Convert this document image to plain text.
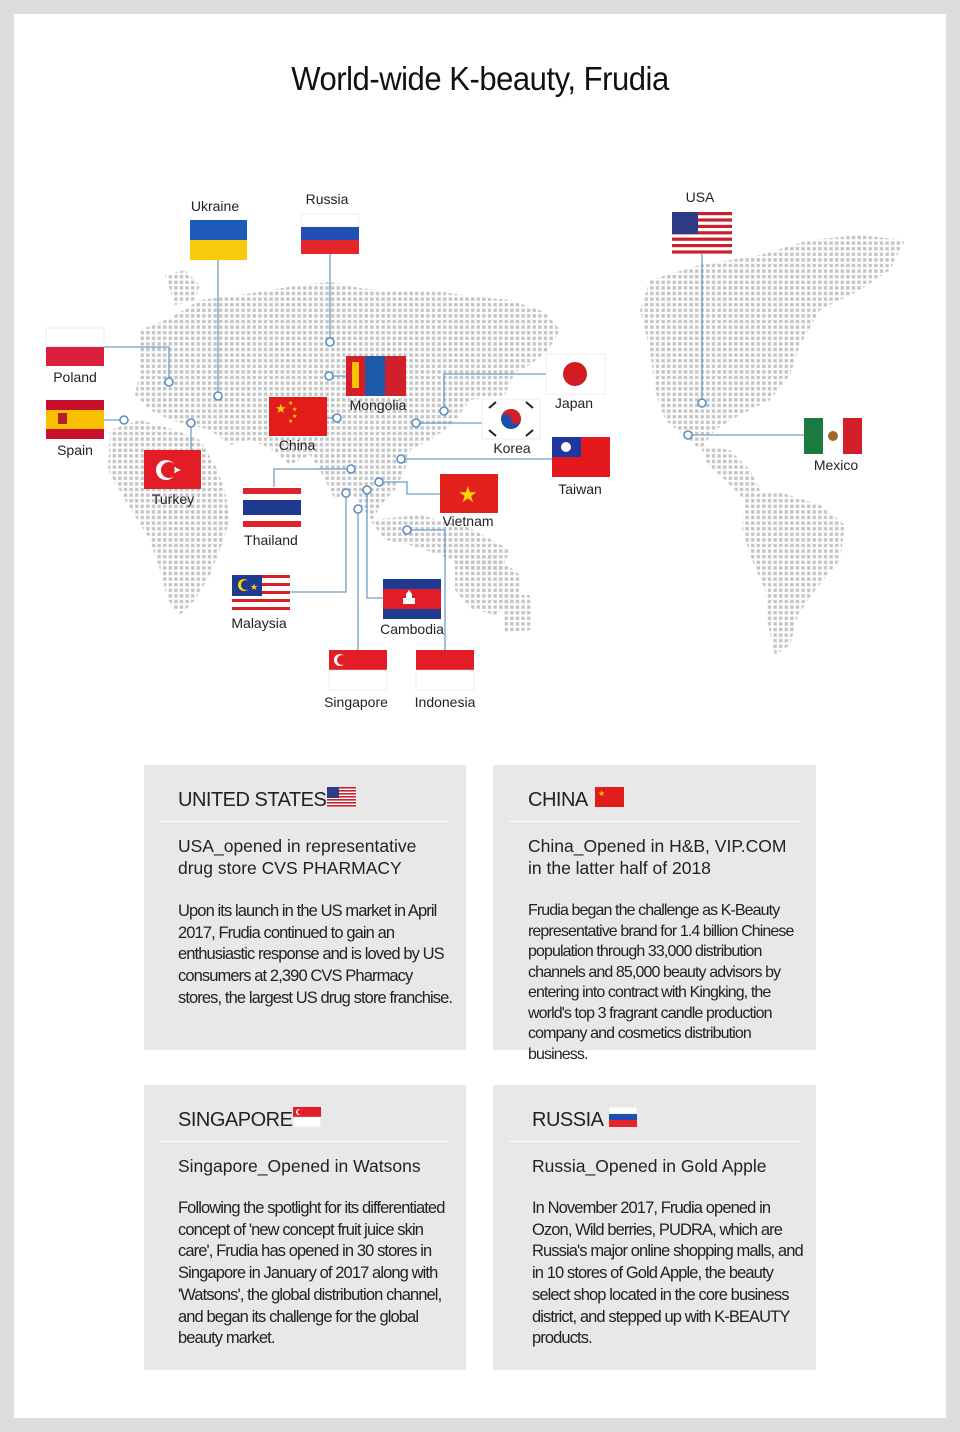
World-wide K-beauty, Frudia
★ ★
★
★
★
★
★
Ukraine	Russia	USA
Poland
Spain
Mongolia
China
Japan
Korea
Mexico
Turkey
Taiwan
Thailand
Vietnam
Malaysia	Cambodia
Singapore Indonesia
UNITED STATES
USA_opened in representative drug store CVS PHARMACY
Upon its launch in the US market in April 2017, Frudia continued to gain an enthusiastic response and is loved by US consumers at 2,390 CVS Pharmacy stores, the largest US drug store franchise.
CHINA ★
China_Opened in H&B, VIP.COM in the latter half of 2018
Frudia began the challenge as K-Beauty representative brand for 1.4 billion Chinese population through 33,000 distribution channels and 85,000 beauty advisors by entering into contract with Kingking, the world's top 3 fragrant candle production company and cosmetics distribution business.
SINGAPORE
Singapore_Opened in Watsons
Following the spotlight for its differentiated concept of 'new concept fruit juice skin care', Frudia has opened in 30 stores in Singapore in January of 2017 along with 'Watsons', the global distribution channel, and began its challenge for the global beauty market.
RUSSIA
Russia_Opened in Gold Apple
In November 2017, Frudia opened in Ozon, Wild berries, PUDRA, which are Russia's major online shopping malls, and in 10 stores of Gold Apple, the beauty select shop located in the core business district, and stepped up with K-BEAUTY products.
